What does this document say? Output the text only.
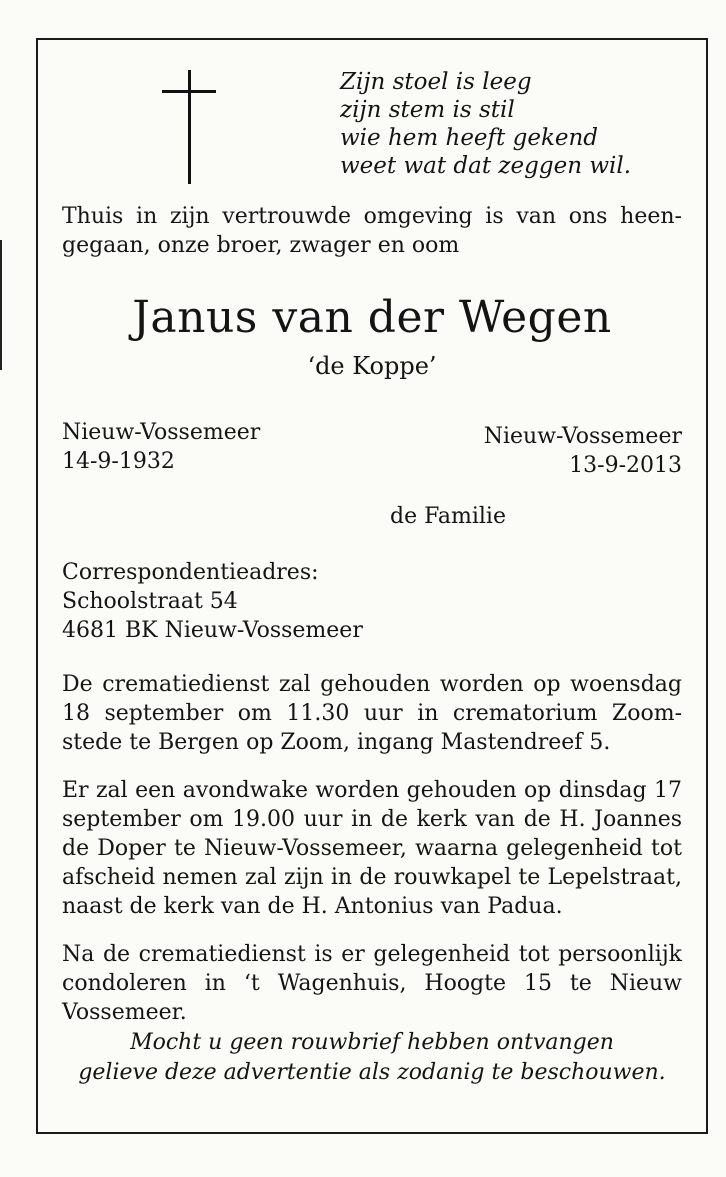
Zijn stoel is leeg
zijn stem is stil
wie hem heeft gekend
weet wat dat zeggen wil.
Thuis in zijn vertrouwde omgeving is van ons heen-
gegaan, onze broer, zwager en oom
Janus van der Wegen
‘de Koppe’
Nieuw-Vossemeer
14-9-1932
Nieuw-Vossemeer
13-9-2013
de Familie
Correspondentieadres:
Schoolstraat 54
4681 BK Nieuw-Vossemeer
De crematiedienst zal gehouden worden op woensdag
18 september om 11.30 uur in crematorium Zoom-
stede te Bergen op Zoom, ingang Mastendreef 5.
Er zal een avondwake worden gehouden op dinsdag 17
september om 19.00 uur in de kerk van de H. Joannes
de Doper te Nieuw-Vossemeer, waarna gelegenheid tot
afscheid nemen zal zijn in de rouwkapel te Lepelstraat,
naast de kerk van de H. Antonius van Padua.
Na de crematiedienst is er gelegenheid tot persoonlijk
condoleren in ‘t Wagenhuis, Hoogte 15 te Nieuw
Vossemeer.
Mocht u geen rouwbrief hebben ontvangen
gelieve deze advertentie als zodanig te beschouwen.
